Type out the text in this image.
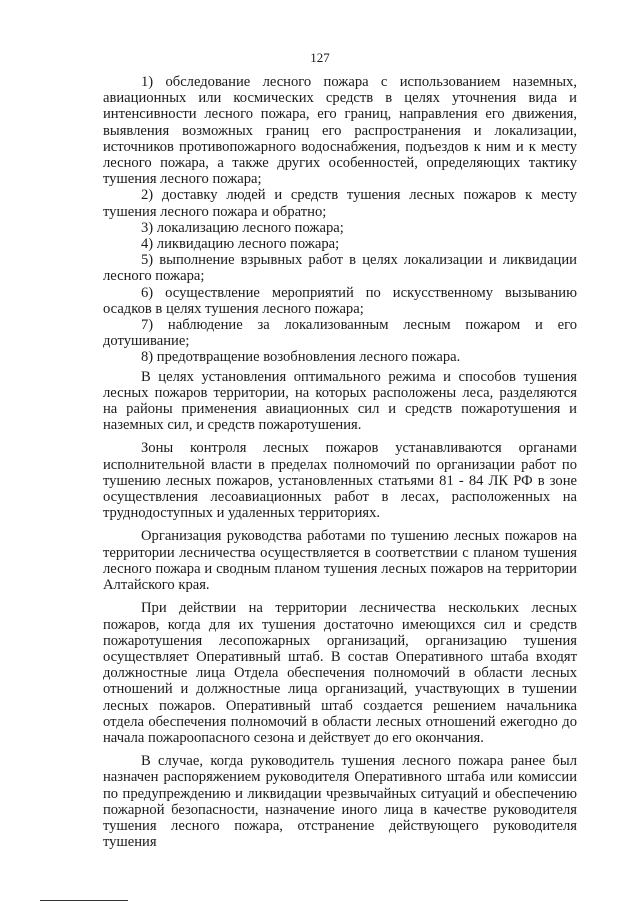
127

1) обследование лесного пожара с использованием наземных, авиационных или космических средств в целях уточнения вида и интенсивности лесного пожара, его границ, направления его движения, выявления возможных границ его распространения и локализации, источников противопожарного водоснабжения, подъездов к ним и к месту лесного пожара, а также других особенностей, определяющих тактику тушения лесного пожара;

2) доставку людей и средств тушения лесных пожаров к месту тушения лесного пожара и обратно;

3) локализацию лесного пожара;

4) ликвидацию лесного пожара;

5) выполнение взрывных работ в целях локализации и ликвидации лесного пожара;

6) осуществление мероприятий по искусственному вызыванию осадков в целях тушения лесного пожара;

7) наблюдение за локализованным лесным пожаром и его дотушивание;

8) предотвращение возобновления лесного пожара.

В целях установления оптимального режима и способов тушения лесных пожаров территории, на которых расположены леса, разделяются на районы применения авиационных сил и средств пожаротушения и наземных сил, и средств пожаротушения.

Зоны контроля лесных пожаров устанавливаются органами исполнительной власти в пределах полномочий по организации работ по тушению лесных пожаров, установленных статьями 81 - 84 ЛК РФ в зоне осуществления лесоавиационных работ в лесах, расположенных на труднодоступных и удаленных территориях.

Организация руководства работами по тушению лесных пожаров на территории лесничества осуществляется в соответствии с планом тушения лесного пожара и сводным планом тушения лесных пожаров на территории Алтайского края.

При действии на территории лесничества нескольких лесных пожаров, когда для их тушения достаточно имеющихся сил и средств пожаротушения лесопожарных организаций, организацию тушения осуществляет Оперативный штаб. В состав Оперативного штаба входят должностные лица Отдела обеспечения полномочий в области лесных отношений и должностные лица организаций, участвующих в тушении лесных пожаров. Оперативный штаб создается решением начальника отдела обеспечения полномочий в области лесных отношений ежегодно до начала пожароопасного сезона и действует до его окончания.

В случае, когда руководитель тушения лесного пожара ранее был назначен распоряжением руководителя Оперативного штаба или комиссии по предупреждению и ликвидации чрезвычайных ситуаций и обеспечению пожарной безопасности, назначение иного лица в качестве руководителя тушения лесного пожара, отстранение действующего руководителя тушения
